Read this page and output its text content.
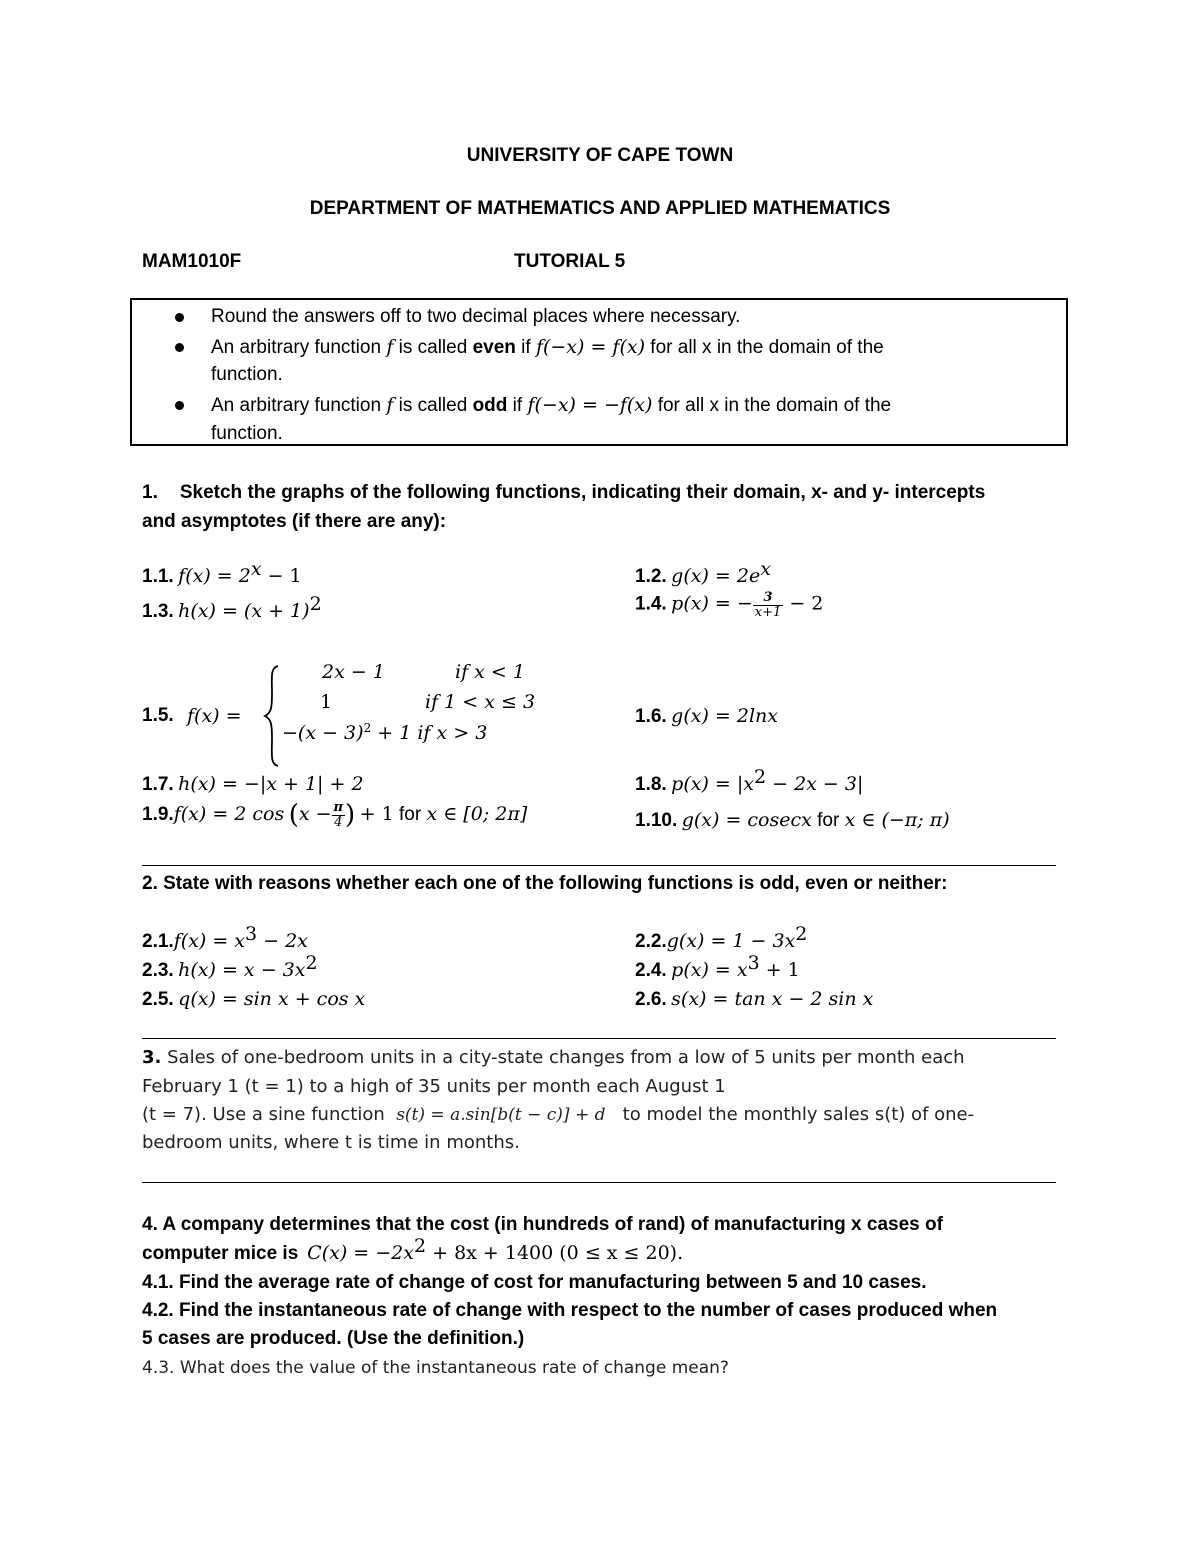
UNIVERSITY OF CAPE TOWN
DEPARTMENT OF MATHEMATICS AND APPLIED MATHEMATICS
MAM1010F	TUTORIAL 5
Round the answers off to two decimal places where necessary.
An arbitrary function f is called even if f(−x) = f(x) for all x in the domain of the
function.
An arbitrary function f is called odd if f(−x) = −f(x) for all x in the domain of the
function.
1. Sketch the graphs of the following functions, indicating their domain, x- and y- intercepts
and asymptotes (if there are any):
1.1. $f(x) = 2^x - 1$	1.2. $g(x) = 2e^x$
1.3. $h(x) = (x + 1)^2$	1.4. p(x) = − $\frac{3}{x+1} - 2$
1.5. f(x) =
2x − 1	if x < 1
1	if 1 < x ≤ 3
$-(x - 3)^2 + 1$ if x > 3
1.6. g(x) = 2lnx
1.7. h(x) = −|x + 1| + 2	1.8. $p(x) = |x^2 - 2x - 3|$
1.9.f(x) = 2 $\cos (x - \frac{\pi}{4}$ ) + 1 for x ∈ [0; 2π]	1.10. g(x) = cosecx for x ∈ (−π; π)
2. State with reasons whether each one of the following functions is odd, even or neither:
$2.1.f(x) = x^3 - 2x$	$2.2.g(x) = 1 - 3x^2$
2.3. $h(x) = x - 3x^2$	2.4. $p(x) = x^3 + 1$
2.5. q(x) = sin x + cos x	2.6. s(x) = tan x − 2 sin x
3. Sales of one-bedroom units in a city-state changes from a low of 5 units per month each
February 1 (t = 1) to a high of 35 units per month each August 1
(t = 7). Use a sine function s(t) = a.sin[b(t − c)] + d to model the monthly sales s(t) of one-
bedroom units, where t is time in months.
4. A company determines that the cost (in hundreds of rand) of manufacturing x cases of
computer mice is $C(x) = -2x^2 + 8x + 1400$ (0 ≤ x ≤ 20).
4.1. Find the average rate of change of cost for manufacturing between 5 and 10 cases.
4.2. Find the instantaneous rate of change with respect to the number of cases produced when
5 cases are produced. (Use the definition.)
4.3. What does the value of the instantaneous rate of change mean?
